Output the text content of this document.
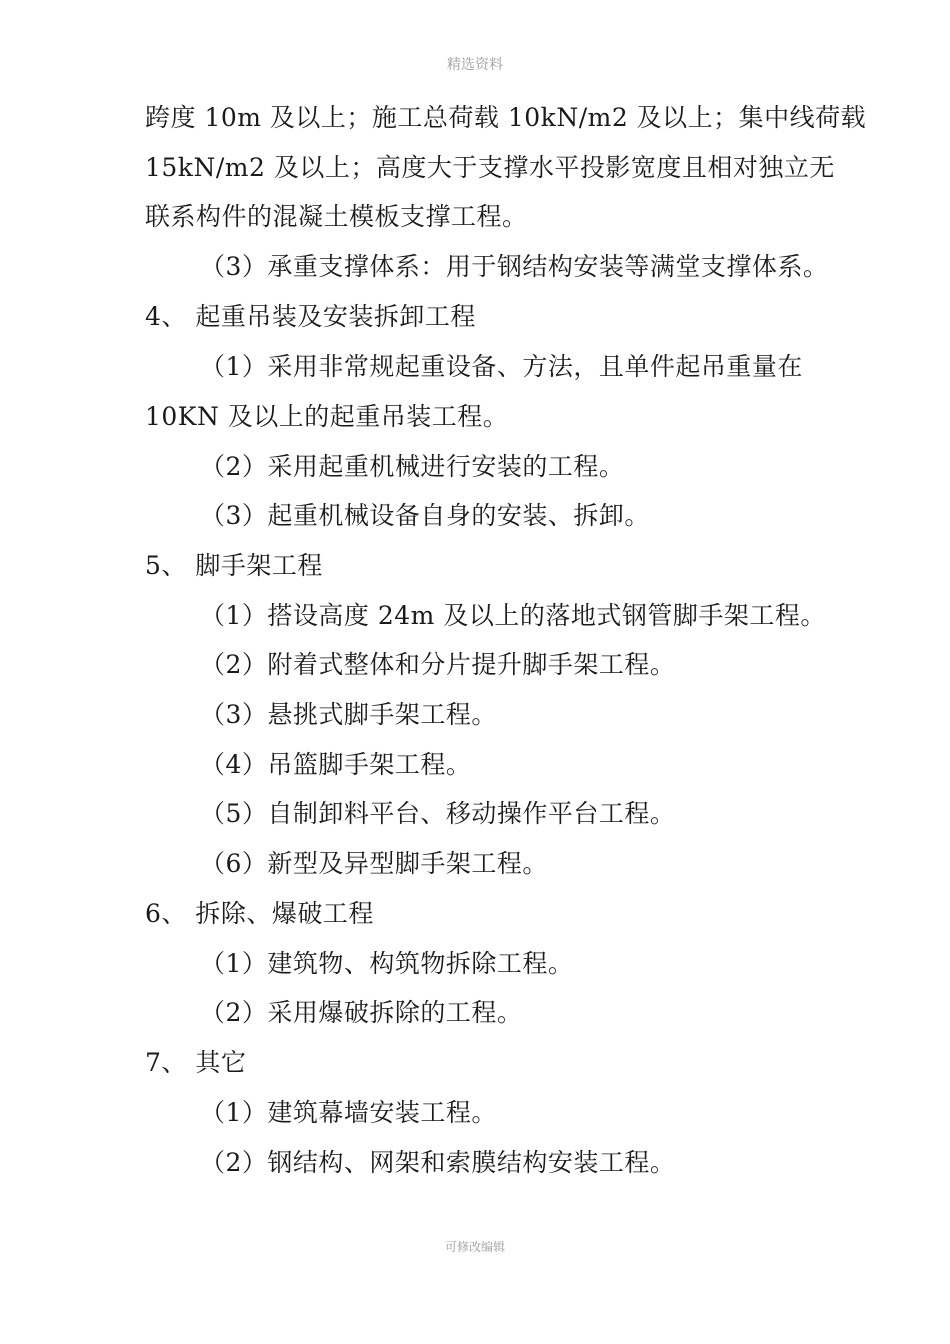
精选资料
跨度 10m 及以上；施工总荷载 10kN/m2 及以上；集中线荷载
15kN/m2 及以上；高度大于支撑水平投影宽度且相对独立无
联系构件的混凝土模板支撑工程。
（3）承重支撑体系：用于钢结构安装等满堂支撑体系。
4、 起重吊装及安装拆卸工程
（1）采用非常规起重设备、方法，且单件起吊重量在
10KN 及以上的起重吊装工程。
（2）采用起重机械进行安装的工程。
（3）起重机械设备自身的安装、拆卸。
5、 脚手架工程
（1）搭设高度 24m 及以上的落地式钢管脚手架工程。
（2）附着式整体和分片提升脚手架工程。
（3）悬挑式脚手架工程。
（4）吊篮脚手架工程。
（5）自制卸料平台、移动操作平台工程。
（6）新型及异型脚手架工程。
6、 拆除、爆破工程
（1）建筑物、构筑物拆除工程。
（2）采用爆破拆除的工程。
7、 其它
（1）建筑幕墙安装工程。
（2）钢结构、网架和索膜结构安装工程。
可修改编辑
